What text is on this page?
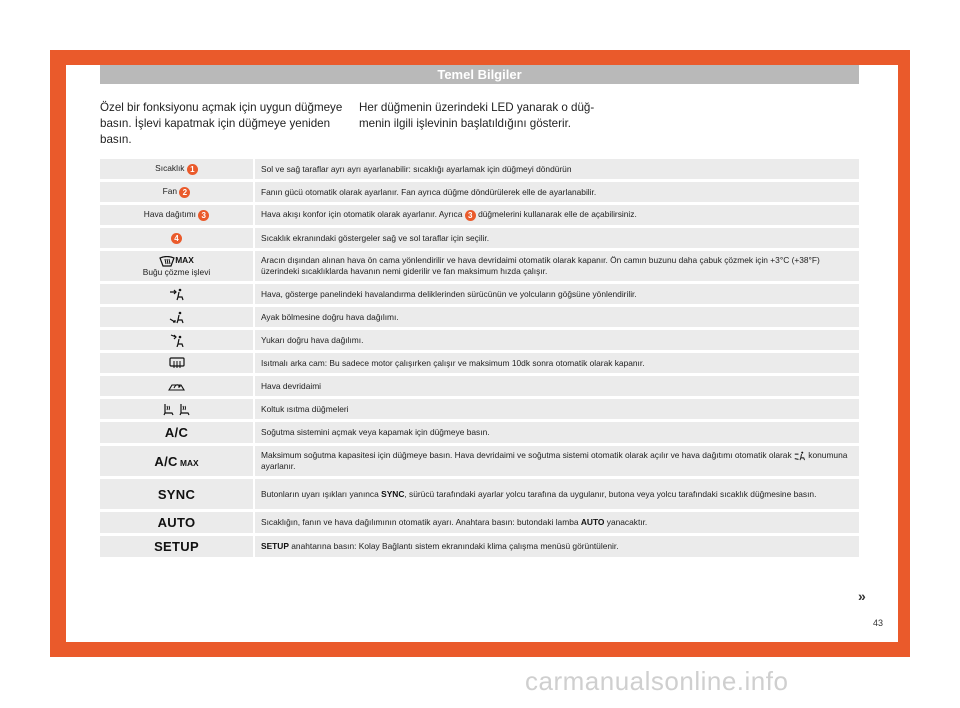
Temel Bilgiler
Özel bir fonksiyonu açmak için uygun düğmeye basın. İşlevi kapatmak için düğmeye yeniden basın.
Her düğmenin üzerindeki LED yanarak o düğmenin ilgili işlevinin başlatıldığını gösterir.
Sıcaklık 1	Sol ve sağ taraflar ayrı ayrı ayarlanabilir: sıcaklığı ayarlamak için düğmeyi döndürün
Fan 2	Fanın gücü otomatik olarak ayarlanır. Fan ayrıca düğme döndürülerek elle de ayarlanabilir.
Hava dağıtımı 3	Hava akışı konfor için otomatik olarak ayarlanır. Ayrıca 3 düğmelerini kullanarak elle de açabilirsiniz.
4	Sıcaklık ekranındaki göstergeler sağ ve sol taraflar için seçilir.
MAX
Buğu çözme işlevi	Aracın dışından alınan hava ön cama yönlendirilir ve hava devridaimi otomatik olarak kapanır. Ön camın buzunu daha çabuk çözmek için +3°C (+38°F) üzerindeki sıcaklıklarda havanın nemi giderilir ve fan maksimum hızda çalışır.
	Hava, gösterge panelindeki havalandırma deliklerinden sürücünün ve yolcuların göğsüne yönlendirilir.
	Ayak bölmesine doğru hava dağılımı.
	Yukarı doğru hava dağılımı.
	Isıtmalı arka cam: Bu sadece motor çalışırken çalışır ve maksimum 10dk sonra otomatik olarak kapanır.
	Hava devridaimi
	Koltuk ısıtma düğmeleri
A/C	Soğutma sistemini açmak veya kapamak için düğmeye basın.
A/C MAX	Maksimum soğutma kapasitesi için düğmeye basın. Hava devridaimi ve soğutma sistemi otomatik olarak açılır ve hava dağıtımı otomatik olarak konumuna ayarlanır.
SYNC	Butonların uyarı ışıkları yanınca SYNC, sürücü tarafındaki ayarlar yolcu tarafına da uygulanır, butona veya yolcu tarafındaki sıcaklık düğmesine basın.
AUTO	Sıcaklığın, fanın ve hava dağılımının otomatik ayarı. Anahtara basın: butondaki lamba AUTO yanacaktır.
SETUP	SETUP anahtarına basın: Kolay Bağlantı sistem ekranındaki klima çalışma menüsü görüntülenir.
»
43
carmanualsonline.info
